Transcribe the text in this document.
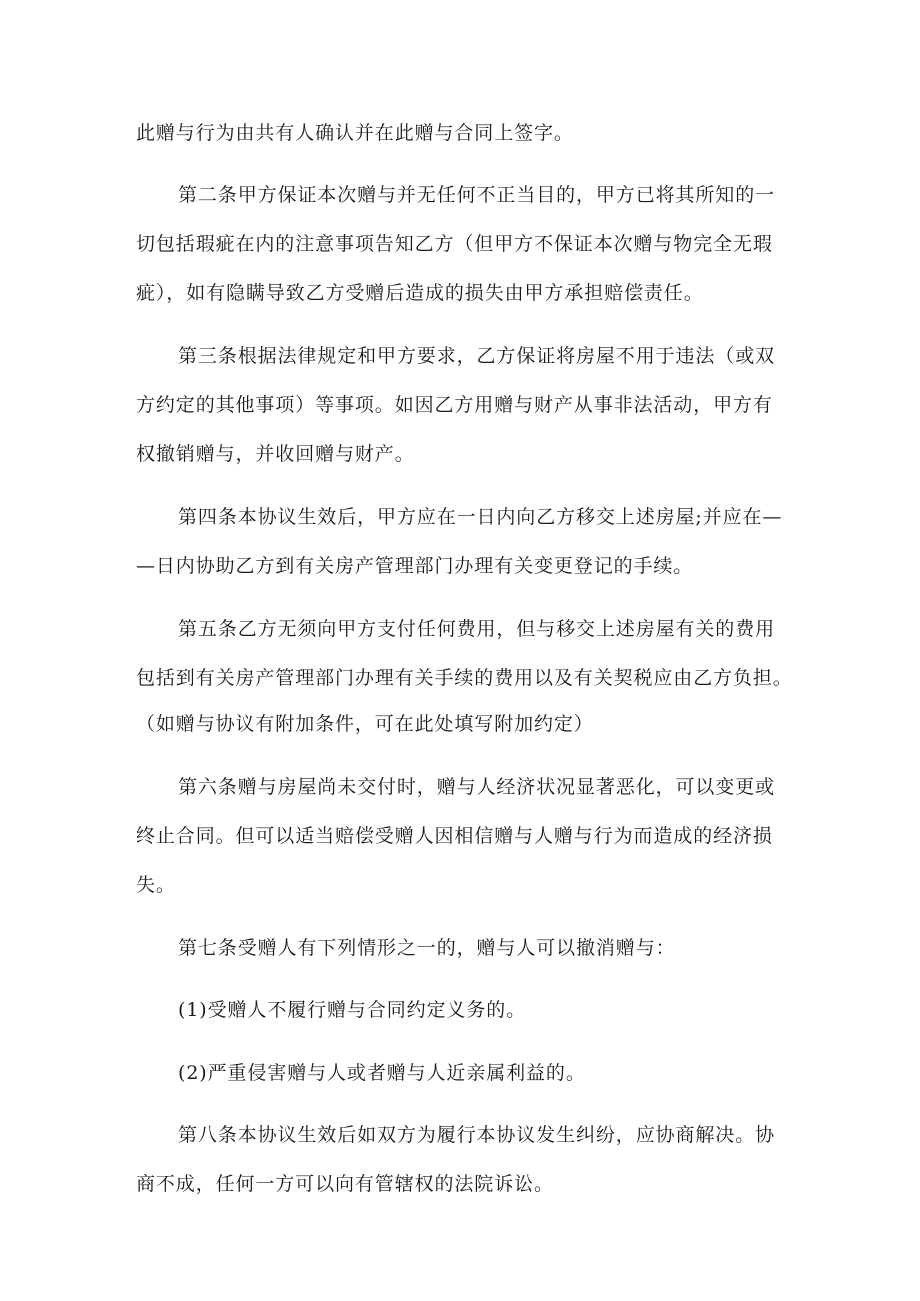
此赠与行为由共有人确认并在此赠与合同上签字。
第二条甲方保证本次赠与并无任何不正当目的，甲方已将其所知的一
切包括瑕疵在内的注意事项告知乙方（但甲方不保证本次赠与物完全无瑕
疵），如有隐瞒导致乙方受赠后造成的损失由甲方承担赔偿责任。
第三条根据法律规定和甲方要求，乙方保证将房屋不用于违法（或双
方约定的其他事项）等事项。如因乙方用赠与财产从事非法活动，甲方有
权撤销赠与，并收回赠与财产。
第四条本协议生效后，甲方应在一日内向乙方移交上述房屋;并应在—
—日内协助乙方到有关房产管理部门办理有关变更登记的手续。
第五条乙方无须向甲方支付任何费用，但与移交上述房屋有关的费用
包括到有关房产管理部门办理有关手续的费用以及有关契税应由乙方负担。
（如赠与协议有附加条件，可在此处填写附加约定）
第六条赠与房屋尚未交付时，赠与人经济状况显著恶化，可以变更或
终止合同。但可以适当赔偿受赠人因相信赠与人赠与行为而造成的经济损
失。
第七条受赠人有下列情形之一的，赠与人可以撤消赠与：
(1)受赠人不履行赠与合同约定义务的。
(2)严重侵害赠与人或者赠与人近亲属利益的。
第八条本协议生效后如双方为履行本协议发生纠纷，应协商解决。协
商不成，任何一方可以向有管辖权的法院诉讼。
